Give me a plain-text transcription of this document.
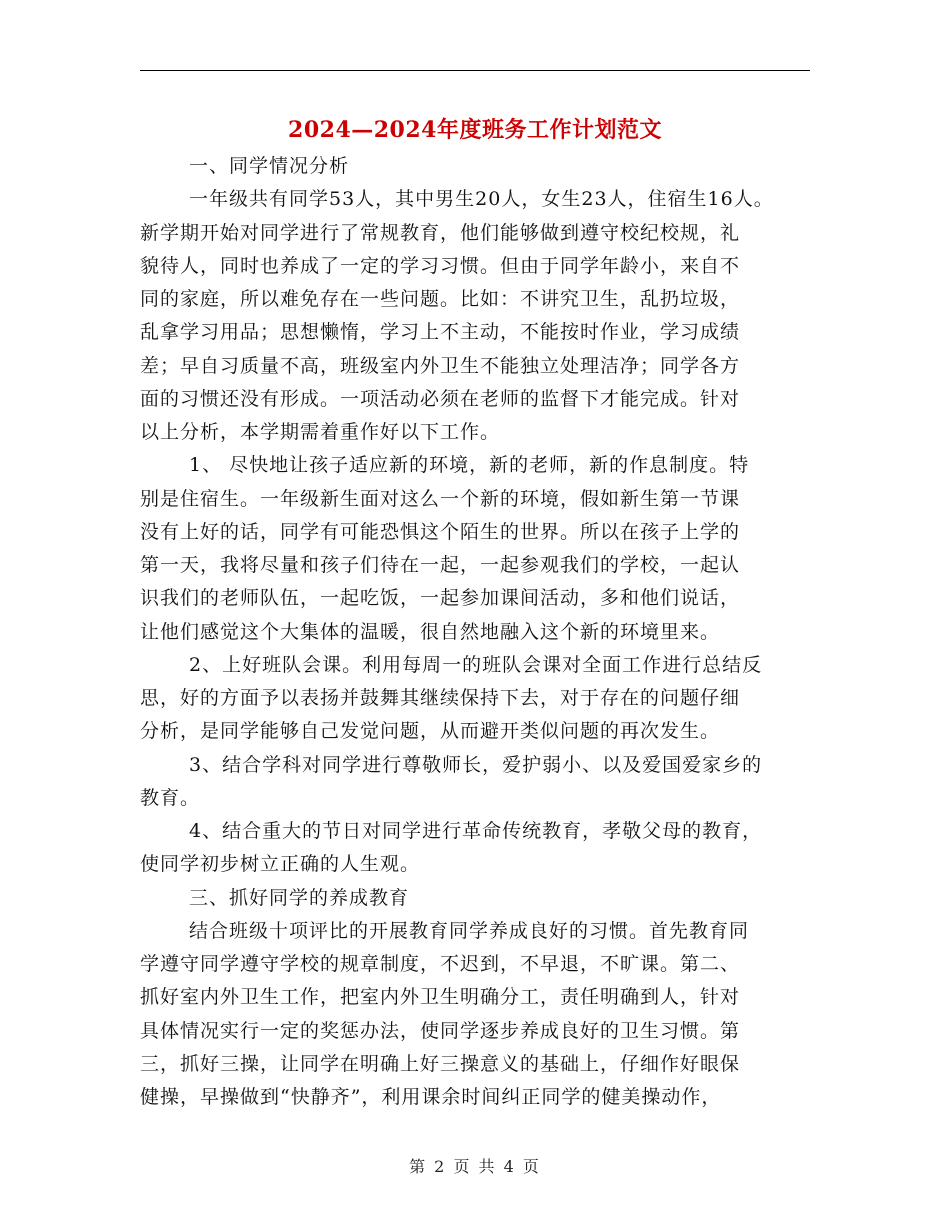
2024—2024年度班务工作计划范文
一、同学情况分析
一年级共有同学53人，其中男生20人，女生23人，住宿生16人。
新学期开始对同学进行了常规教育，他们能够做到遵守校纪校规，礼
貌待人，同时也养成了一定的学习习惯。但由于同学年龄小，来自不
同的家庭，所以难免存在一些问题。比如：不讲究卫生，乱扔垃圾，
乱拿学习用品；思想懒惰，学习上不主动，不能按时作业，学习成绩
差；早自习质量不高，班级室内外卫生不能独立处理洁净；同学各方
面的习惯还没有形成。一项活动必须在老师的监督下才能完成。针对
以上分析，本学期需着重作好以下工作。
1、 尽快地让孩子适应新的环境，新的老师，新的作息制度。特
别是住宿生。一年级新生面对这么一个新的环境，假如新生第一节课
没有上好的话，同学有可能恐惧这个陌生的世界。所以在孩子上学的
第一天，我将尽量和孩子们待在一起，一起参观我们的学校，一起认
识我们的老师队伍，一起吃饭，一起参加课间活动，多和他们说话，
让他们感觉这个大集体的温暖，很自然地融入这个新的环境里来。
2、上好班队会课。利用每周一的班队会课对全面工作进行总结反
思，好的方面予以表扬并鼓舞其继续保持下去，对于存在的问题仔细
分析，是同学能够自己发觉问题，从而避开类似问题的再次发生。
3、结合学科对同学进行尊敬师长，爱护弱小、以及爱国爱家乡的
教育。
4、结合重大的节日对同学进行革命传统教育，孝敬父母的教育，
使同学初步树立正确的人生观。
三、抓好同学的养成教育
结合班级十项评比的开展教育同学养成良好的习惯。首先教育同
学遵守同学遵守学校的规章制度，不迟到，不早退，不旷课。第二、
抓好室内外卫生工作，把室内外卫生明确分工，责任明确到人，针对
具体情况实行一定的奖惩办法，使同学逐步养成良好的卫生习惯。第
三，抓好三操，让同学在明确上好三操意义的基础上，仔细作好眼保
健操，早操做到“快静齐”，利用课余时间纠正同学的健美操动作，
第 2 页 共 4 页
